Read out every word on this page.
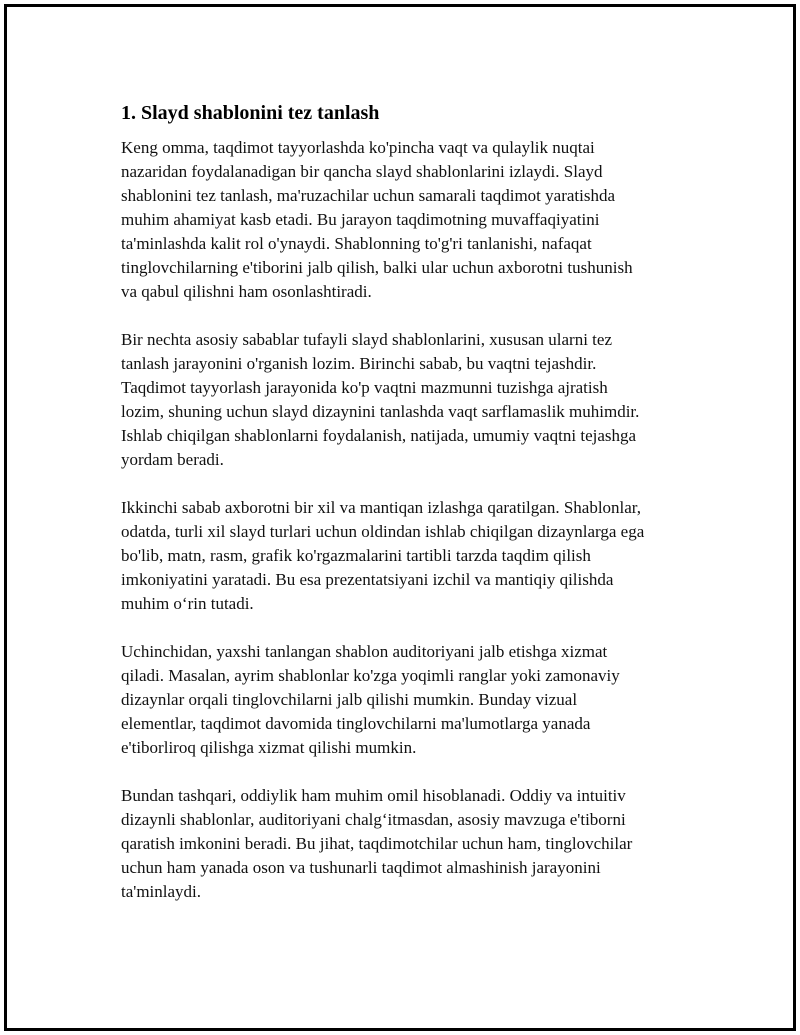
1. Slayd shablonini tez tanlash

Keng omma, taqdimot tayyorlashda ko'pincha vaqt va qulaylik nuqtai
nazaridan foydalanadigan bir qancha slayd shablonlarini izlaydi. Slayd
shablonini tez tanlash, ma'ruzachilar uchun samarali taqdimot yaratishda
muhim ahamiyat kasb etadi. Bu jarayon taqdimotning muvaffaqiyatini
ta'minlashda kalit rol o'ynaydi. Shablonning to'g'ri tanlanishi, nafaqat
tinglovchilarning e'tiborini jalb qilish, balki ular uchun axborotni tushunish
va qabul qilishni ham osonlashtiradi.

Bir nechta asosiy sabablar tufayli slayd shablonlarini, xususan ularni tez
tanlash jarayonini o'rganish lozim. Birinchi sabab, bu vaqtni tejashdir.
Taqdimot tayyorlash jarayonida ko'p vaqtni mazmunni tuzishga ajratish
lozim, shuning uchun slayd dizaynini tanlashda vaqt sarflamaslik muhimdir.
Ishlab chiqilgan shablonlarni foydalanish, natijada, umumiy vaqtni tejashga
yordam beradi.

Ikkinchi sabab axborotni bir xil va mantiqan izlashga qaratilgan. Shablonlar,
odatda, turli xil slayd turlari uchun oldindan ishlab chiqilgan dizaynlarga ega
bo'lib, matn, rasm, grafik ko'rgazmalarini tartibli tarzda taqdim qilish
imkoniyatini yaratadi. Bu esa prezentatsiyani izchil va mantiqiy qilishda
muhim o‘rin tutadi.

Uchinchidan, yaxshi tanlangan shablon auditoriyani jalb etishga xizmat
qiladi. Masalan, ayrim shablonlar ko'zga yoqimli ranglar yoki zamonaviy
dizaynlar orqali tinglovchilarni jalb qilishi mumkin. Bunday vizual
elementlar, taqdimot davomida tinglovchilarni ma'lumotlarga yanada
e'tiborliroq qilishga xizmat qilishi mumkin.

Bundan tashqari, oddiylik ham muhim omil hisoblanadi. Oddiy va intuitiv
dizaynli shablonlar, auditoriyani chalg‘itmasdan, asosiy mavzuga e'tiborni
qaratish imkonini beradi. Bu jihat, taqdimotchilar uchun ham, tinglovchilar
uchun ham yanada oson va tushunarli taqdimot almashinish jarayonini
ta'minlaydi.
